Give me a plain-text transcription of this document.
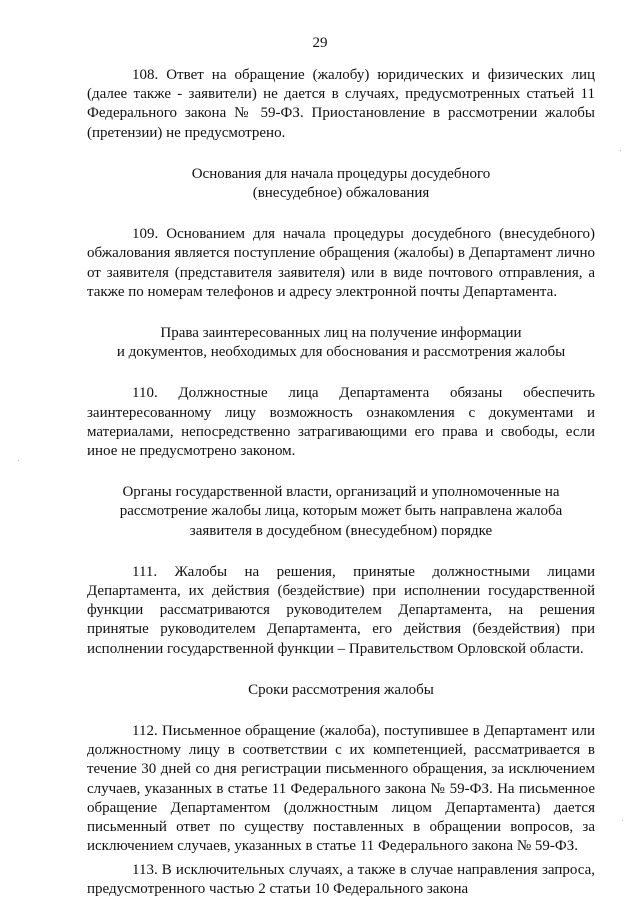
29

108. Ответ на обращение (жалобу) юридических и физических лиц (далее также - заявители) не дается в случаях, предусмотренных статьей 11 Федерального закона № 59-ФЗ. Приостановление в рассмотрении жалобы (претензии) не предусмотрено.

Основания для начала процедуры досудебного
(внесудебное) обжалования

109. Основанием для начала процедуры досудебного (внесудебного) обжалования является поступление обращения (жалобы) в Департамент лично от заявителя (представителя заявителя) или в виде почтового отправления, а также по номерам телефонов и адресу электронной почты Департамента.

Права заинтересованных лиц на получение информации
и документов, необходимых для обоснования и рассмотрения жалобы

110. Должностные лица Департамента обязаны обеспечить заинтересованному лицу возможность ознакомления с документами и материалами, непосредственно затрагивающими его права и свободы, если иное не предусмотрено законом.

Органы государственной власти, организаций и уполномоченные на
рассмотрение жалобы лица, которым может быть направлена жалоба
заявителя в досудебном (внесудебном) порядке

111. Жалобы на решения, принятые должностными лицами Департамента, их действия (бездействие) при исполнении государственной функции рассматриваются руководителем Департамента, на решения принятые руководителем Департамента, его действия (бездействия) при исполнении государственной функции – Правительством Орловской области.

Сроки рассмотрения жалобы

112. Письменное обращение (жалоба), поступившее в Департамент или должностному лицу в соответствии с их компетенцией, рассматривается в течение 30 дней со дня регистрации письменного обращения, за исключением случаев, указанных в статье 11 Федерального закона № 59-ФЗ. На письменное обращение Департаментом (должностным лицом Департамента) дается письменный ответ по существу поставленных в обращении вопросов, за исключением случаев, указанных в статье 11 Федерального закона № 59-ФЗ.

113. В исключительных случаях, а также в случае направления запроса, предусмотренного частью 2 статьи 10 Федерального закона
